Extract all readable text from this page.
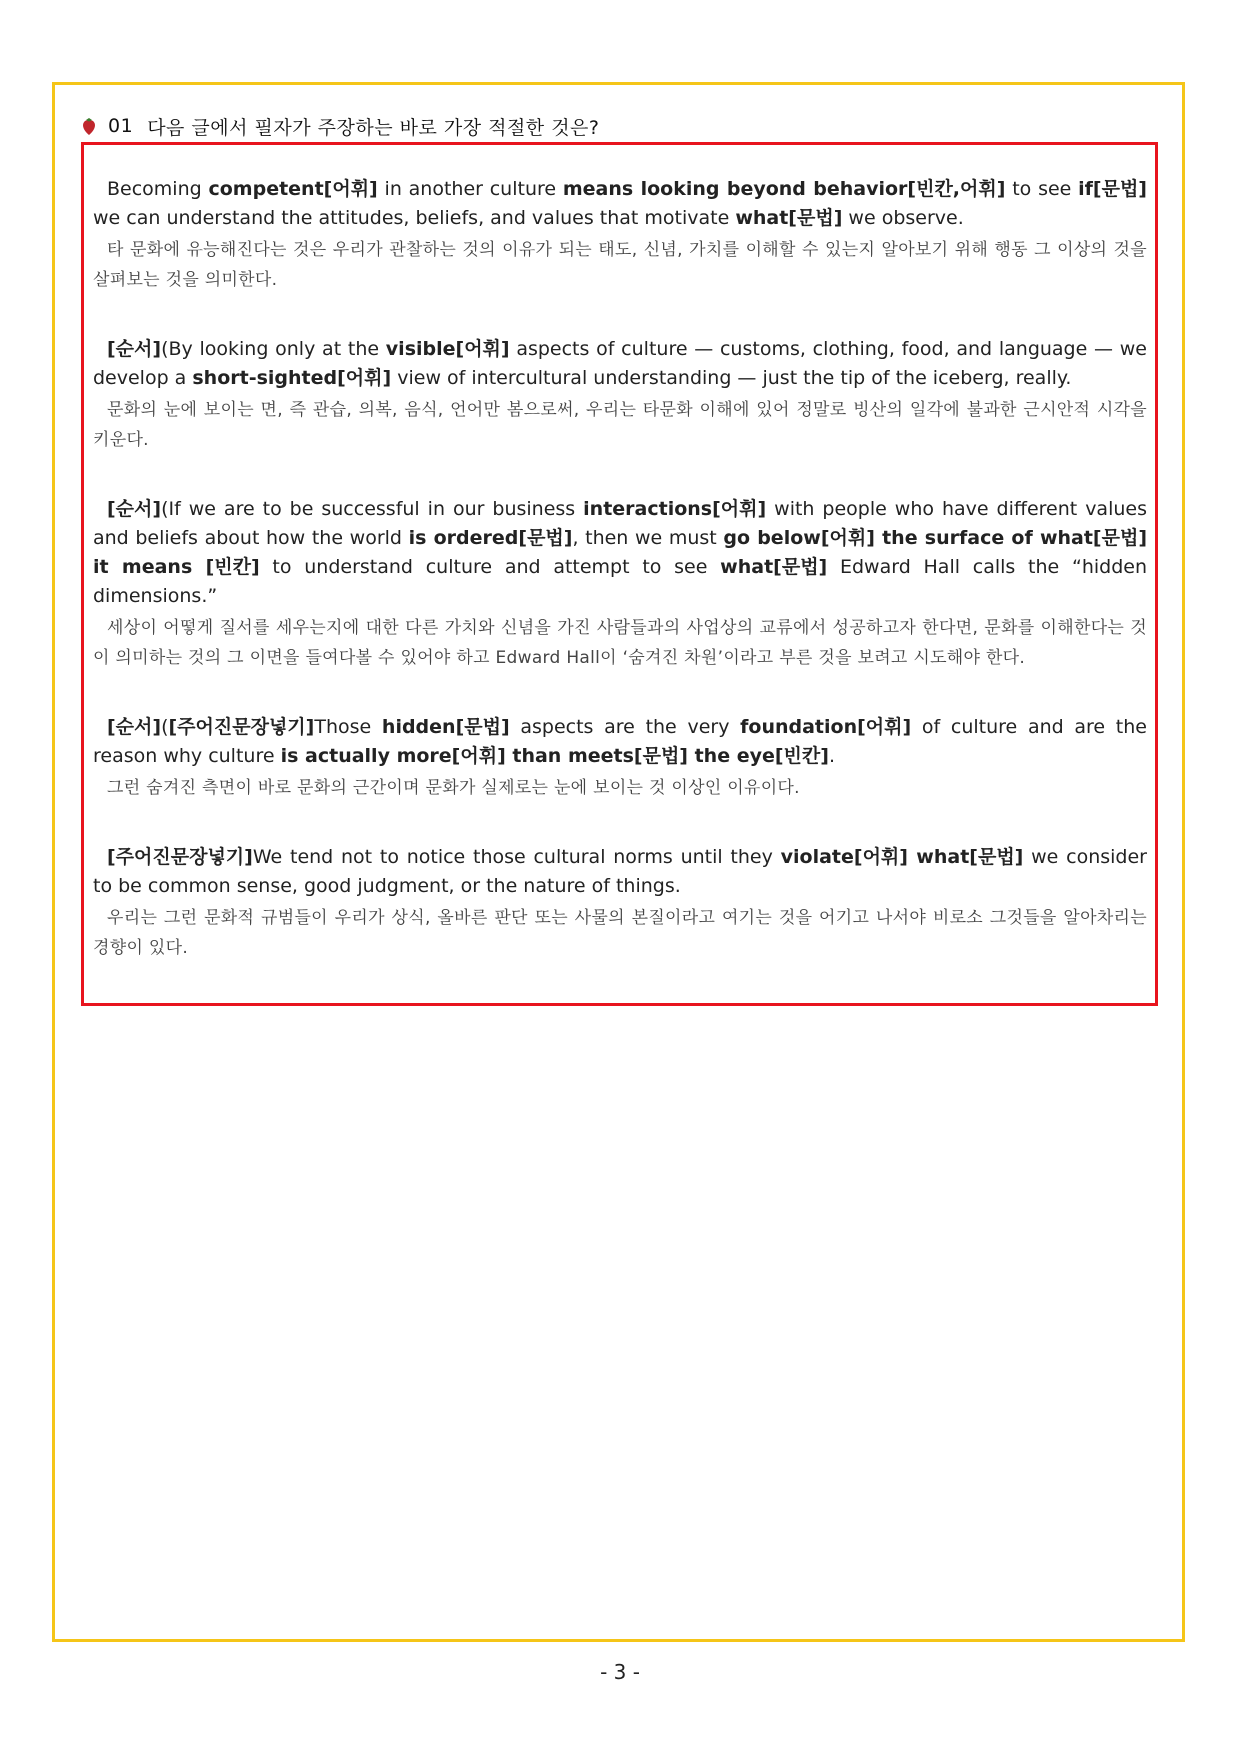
01 다음 글에서 필자가 주장하는 바로 가장 적절한 것은?
Becoming competent[어휘] in another culture means looking beyond behavior[빈칸,어휘] to see if[문법] we can understand the attitudes, beliefs, and values that motivate what[문법] we observe.
타 문화에 유능해진다는 것은 우리가 관찰하는 것의 이유가 되는 태도, 신념, 가치를 이해할 수 있는지 알아보기 위해 행동 그 이상의 것을 살펴보는 것을 의미한다.
[순서](By looking only at the visible[어휘] aspects of culture — customs, clothing, food, and language — we develop a short-sighted[어휘] view of intercultural understanding — just the tip of the iceberg, really.
문화의 눈에 보이는 면, 즉 관습, 의복, 음식, 언어만 봄으로써, 우리는 타문화 이해에 있어 정말로 빙산의 일각에 불과한 근시안적 시각을 키운다.
[순서](If we are to be successful in our business interactions[어휘] with people who have different values and beliefs about how the world is ordered[문법], then we must go below[어휘] the surface of what[문법] it means [빈칸] to understand culture and attempt to see what[문법] Edward Hall calls the “hidden dimensions.”
세상이 어떻게 질서를 세우는지에 대한 다른 가치와 신념을 가진 사람들과의 사업상의 교류에서 성공하고자 한다면, 문화를 이해한다는 것이 의미하는 것의 그 이면을 들여다볼 수 있어야 하고 Edward Hall이 ‘숨겨진 차원’이라고 부른 것을 보려고 시도해야 한다.
[순서]([주어진문장넣기]Those hidden[문법] aspects are the very foundation[어휘] of culture and are the reason why culture is actually more[어휘] than meets[문법] the eye[빈칸].
그런 숨겨진 측면이 바로 문화의 근간이며 문화가 실제로는 눈에 보이는 것 이상인 이유이다.
[주어진문장넣기]We tend not to notice those cultural norms until they violate[어휘] what[문법] we consider to be common sense, good judgment, or the nature of things.
우리는 그런 문화적 규범들이 우리가 상식, 올바른 판단 또는 사물의 본질이라고 여기는 것을 어기고 나서야 비로소 그것들을 알아차리는 경향이 있다.
- 3 -
